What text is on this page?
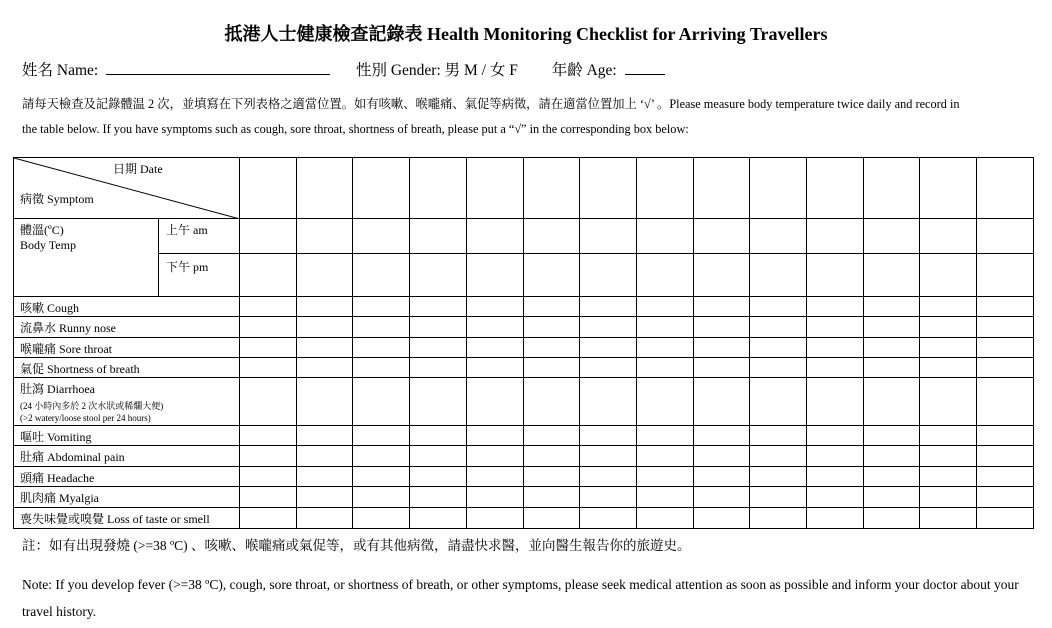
抵港人士健康檢查記錄表 Health Monitoring Checklist for Arriving Travellers
姓名 Name:	性別 Gender: 男 M / 女 F 年齡 Age:
請每天檢查及記錄體温 2 次，並填寫在下列表格之適當位置。如有咳嗽、喉嚨痛、氣促等病徵，請在適當位置加上 ‘√’ 。Please measure body temperature twice daily and record in
the table below. If you have symptoms such as cough, sore throat, shortness of breath, please put a “√” in the corresponding box below:
日期 Date
病徵 Symptom															

體溫(ºC)
Body Temp	上午 am														
	下午 pm														
咳嗽 Cough															
流鼻水 Runny nose															
喉嚨痛 Sore throat															
氣促 Shortness of breath															

肚瀉 Diarrhoea
(24 小時內多於 2 次水狀或稀爛大便)
(>2 watery/loose stool per 24 hours)															

嘔吐 Vomiting															
肚痛 Abdominal pain															
頭痛 Headache															
肌肉痛 Myalgia															
喪失味覺或嗅覺 Loss of taste or smell															
註：如有出現發燒 (>=38 ºC) 、咳嗽、喉嚨痛或氣促等，或有其他病徵，請盡快求醫，並向醫生報告你的旅遊史。
Note: If you develop fever (>=38 ºC), cough, sore throat, or shortness of breath, or other symptoms, please seek medical attention as soon as possible and inform your doctor about your travel history.
